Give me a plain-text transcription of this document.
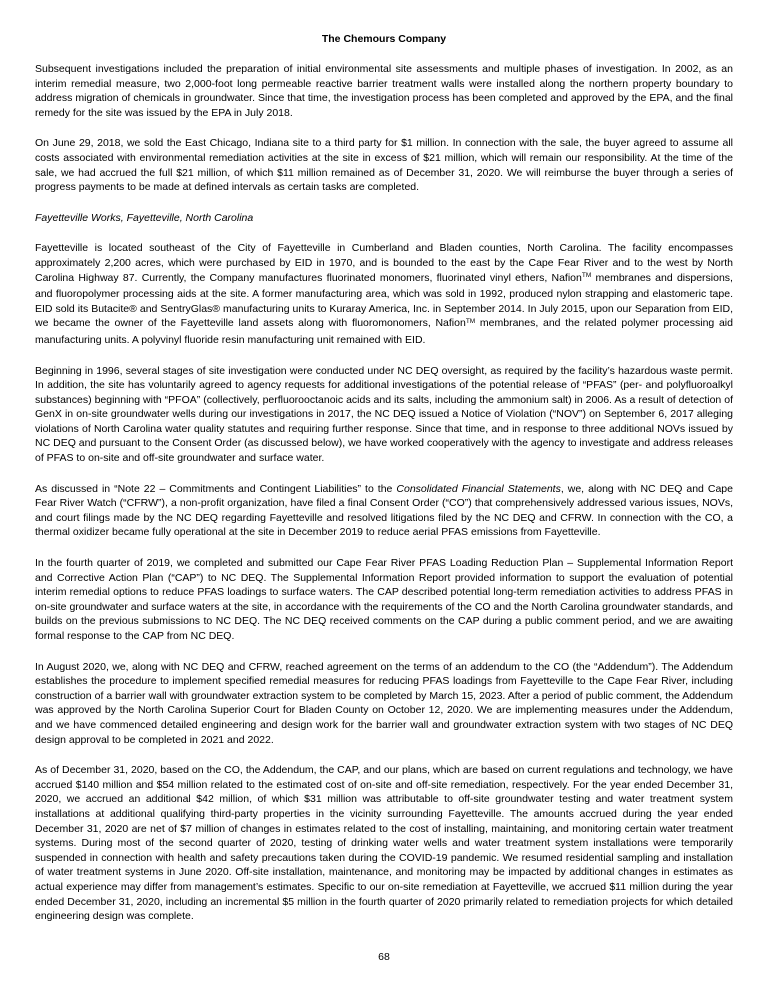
The Chemours Company

Subsequent investigations included the preparation of initial environmental site assessments and multiple phases of investigation. In 2002, as an interim remedial measure, two 2,000-foot long permeable reactive barrier treatment walls were installed along the northern property boundary to address migration of chemicals in groundwater. Since that time, the investigation process has been completed and approved by the EPA, and the final remedy for the site was issued by the EPA in July 2018.

On June 29, 2018, we sold the East Chicago, Indiana site to a third party for $1 million. In connection with the sale, the buyer agreed to assume all costs associated with environmental remediation activities at the site in excess of $21 million, which will remain our responsibility. At the time of the sale, we had accrued the full $21 million, of which $11 million remained as of December 31, 2020. We will reimburse the buyer through a series of progress payments to be made at defined intervals as certain tasks are completed.

Fayetteville Works, Fayetteville, North Carolina

Fayetteville is located southeast of the City of Fayetteville in Cumberland and Bladen counties, North Carolina. The facility encompasses approximately 2,200 acres, which were purchased by EID in 1970, and is bounded to the east by the Cape Fear River and to the west by North Carolina Highway 87. Currently, the Company manufactures fluorinated monomers, fluorinated vinyl ethers, Nafion™ membranes and dispersions, and fluoropolymer processing aids at the site. A former manufacturing area, which was sold in 1992, produced nylon strapping and elastomeric tape. EID sold its Butacite® and SentryGlas® manufacturing units to Kuraray America, Inc. in September 2014. In July 2015, upon our Separation from EID, we became the owner of the Fayetteville land assets along with fluoromonomers, Nafion™ membranes, and the related polymer processing aid manufacturing units. A polyvinyl fluoride resin manufacturing unit remained with EID.

Beginning in 1996, several stages of site investigation were conducted under NC DEQ oversight, as required by the facility’s hazardous waste permit. In addition, the site has voluntarily agreed to agency requests for additional investigations of the potential release of “PFAS” (per- and polyfluoroalkyl substances) beginning with “PFOA” (collectively, perfluorooctanoic acids and its salts, including the ammonium salt) in 2006. As a result of detection of GenX in on-site groundwater wells during our investigations in 2017, the NC DEQ issued a Notice of Violation (“NOV”) on September 6, 2017 alleging violations of North Carolina water quality statutes and requiring further response. Since that time, and in response to three additional NOVs issued by NC DEQ and pursuant to the Consent Order (as discussed below), we have worked cooperatively with the agency to investigate and address releases of PFAS to on-site and off-site groundwater and surface water.

As discussed in “Note 22 – Commitments and Contingent Liabilities” to the Consolidated Financial Statements, we, along with NC DEQ and Cape Fear River Watch (“CFRW”), a non-profit organization, have filed a final Consent Order (“CO”) that comprehensively addressed various issues, NOVs, and court filings made by the NC DEQ regarding Fayetteville and resolved litigations filed by the NC DEQ and CFRW. In connection with the CO, a thermal oxidizer became fully operational at the site in December 2019 to reduce aerial PFAS emissions from Fayetteville.

In the fourth quarter of 2019, we completed and submitted our Cape Fear River PFAS Loading Reduction Plan – Supplemental Information Report and Corrective Action Plan (“CAP”) to NC DEQ. The Supplemental Information Report provided information to support the evaluation of potential interim remedial options to reduce PFAS loadings to surface waters. The CAP described potential long-term remediation activities to address PFAS in on-site groundwater and surface waters at the site, in accordance with the requirements of the CO and the North Carolina groundwater standards, and builds on the previous submissions to NC DEQ. The NC DEQ received comments on the CAP during a public comment period, and we are awaiting formal response to the CAP from NC DEQ.

In August 2020, we, along with NC DEQ and CFRW, reached agreement on the terms of an addendum to the CO (the “Addendum”). The Addendum establishes the procedure to implement specified remedial measures for reducing PFAS loadings from Fayetteville to the Cape Fear River, including construction of a barrier wall with groundwater extraction system to be completed by March 15, 2023. After a period of public comment, the Addendum was approved by the North Carolina Superior Court for Bladen County on October 12, 2020. We are implementing measures under the Addendum, and we have commenced detailed engineering and design work for the barrier wall and groundwater extraction system with two stages of NC DEQ design approval to be completed in 2021 and 2022.

As of December 31, 2020, based on the CO, the Addendum, the CAP, and our plans, which are based on current regulations and technology, we have accrued $140 million and $54 million related to the estimated cost of on-site and off-site remediation, respectively. For the year ended December 31, 2020, we accrued an additional $42 million, of which $31 million was attributable to off-site groundwater testing and water treatment system installations at additional qualifying third-party properties in the vicinity surrounding Fayetteville. The amounts accrued during the year ended December 31, 2020 are net of $7 million of changes in estimates related to the cost of installing, maintaining, and monitoring certain water treatment systems. During most of the second quarter of 2020, testing of drinking water wells and water treatment system installations were temporarily suspended in connection with health and safety precautions taken during the COVID-19 pandemic. We resumed residential sampling and installation of water treatment systems in June 2020. Off-site installation, maintenance, and monitoring may be impacted by additional changes in estimates as actual experience may differ from management’s estimates. Specific to our on-site remediation at Fayetteville, we accrued $11 million during the year ended December 31, 2020, including an incremental $5 million in the fourth quarter of 2020 primarily related to remediation projects for which detailed engineering design was complete.

68
